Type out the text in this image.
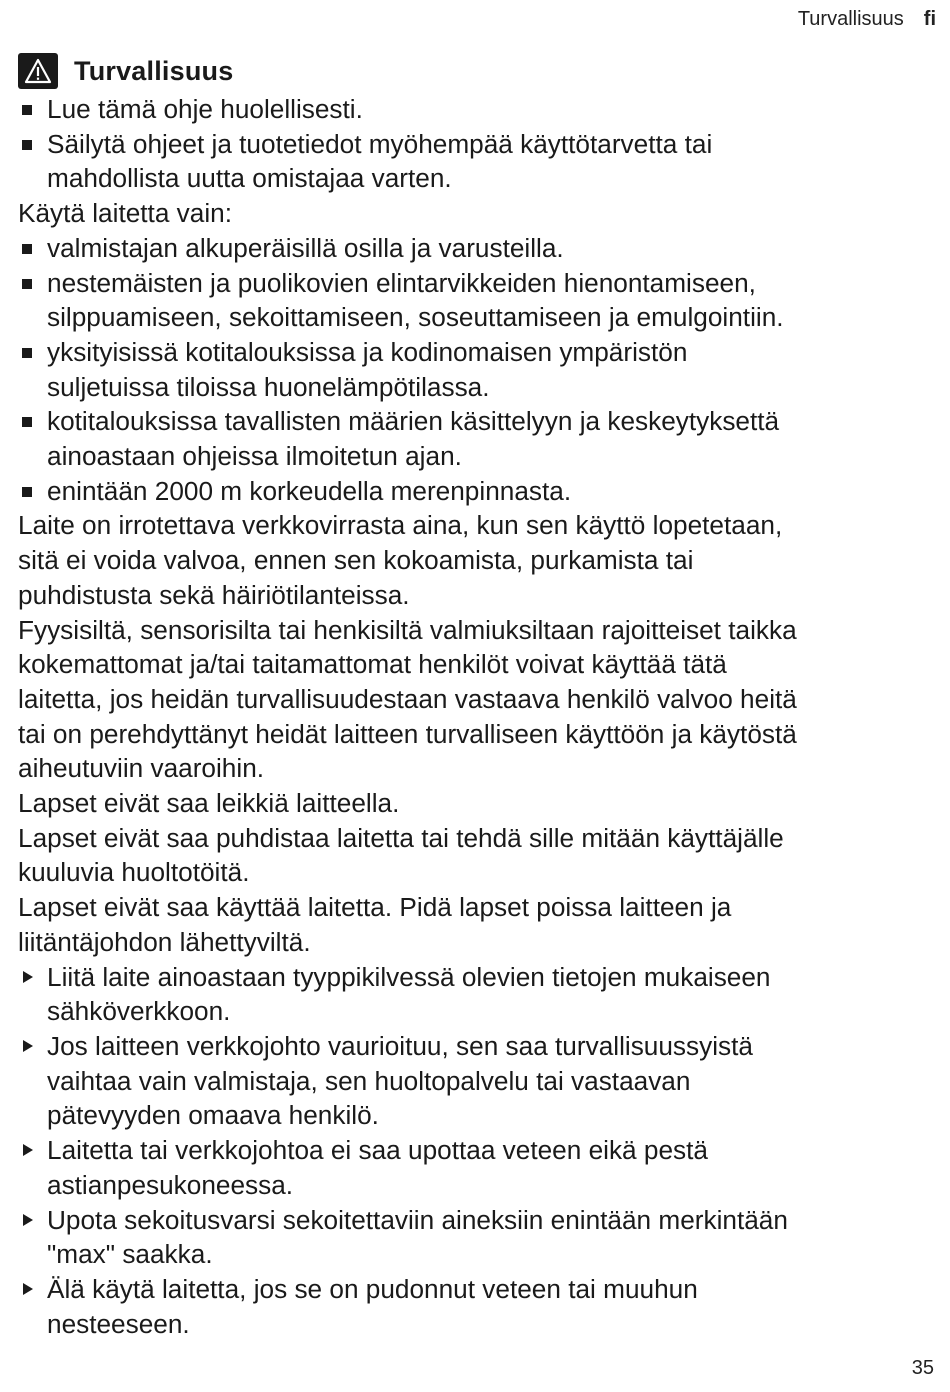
Turvallisuus fi
Turvallisuus
Lue tämä ohje huolellisesti.
Säilytä ohjeet ja tuotetiedot myöhempää käyttötarvetta tai
mahdollista uutta omistajaa varten.
Käytä laitetta vain:
valmistajan alkuperäisillä osilla ja varusteilla.
nestemäisten ja puolikovien elintarvikkeiden hienontamiseen,
silppuamiseen, sekoittamiseen, soseuttamiseen ja emulgointiin.
yksityisissä kotitalouksissa ja kodinomaisen ympäristön
suljetuissa tiloissa huonelämpötilassa.
kotitalouksissa tavallisten määrien käsittelyyn ja keskeytyksettä
ainoastaan ohjeissa ilmoitetun ajan.
enintään 2000 m korkeudella merenpinnasta.
Laite on irrotettava verkkovirrasta aina, kun sen käyttö lopetetaan,
sitä ei voida valvoa, ennen sen kokoamista, purkamista tai
puhdistusta sekä häiriötilanteissa.
Fyysisiltä, sensorisilta tai henkisiltä valmiuksiltaan rajoitteiset taikka
kokemattomat ja/tai taitamattomat henkilöt voivat käyttää tätä
laitetta, jos heidän turvallisuudestaan vastaava henkilö valvoo heitä
tai on perehdyttänyt heidät laitteen turvalliseen käyttöön ja käytöstä
aiheutuviin vaaroihin.
Lapset eivät saa leikkiä laitteella.
Lapset eivät saa puhdistaa laitetta tai tehdä sille mitään käyttäjälle
kuuluvia huoltotöitä.
Lapset eivät saa käyttää laitetta. Pidä lapset poissa laitteen ja
liitäntäjohdon lähettyviltä.
Liitä laite ainoastaan tyyppikilvessä olevien tietojen mukaiseen
sähköverkkoon.
Jos laitteen verkkojohto vaurioituu, sen saa turvallisuussyistä
vaihtaa vain valmistaja, sen huoltopalvelu tai vastaavan
pätevyyden omaava henkilö.
Laitetta tai verkkojohtoa ei saa upottaa veteen eikä pestä
astianpesukoneessa.
Upota sekoitusvarsi sekoitettaviin aineksiin enintään merkintään
"max" saakka.
Älä käytä laitetta, jos se on pudonnut veteen tai muuhun
nesteeseen.
35
